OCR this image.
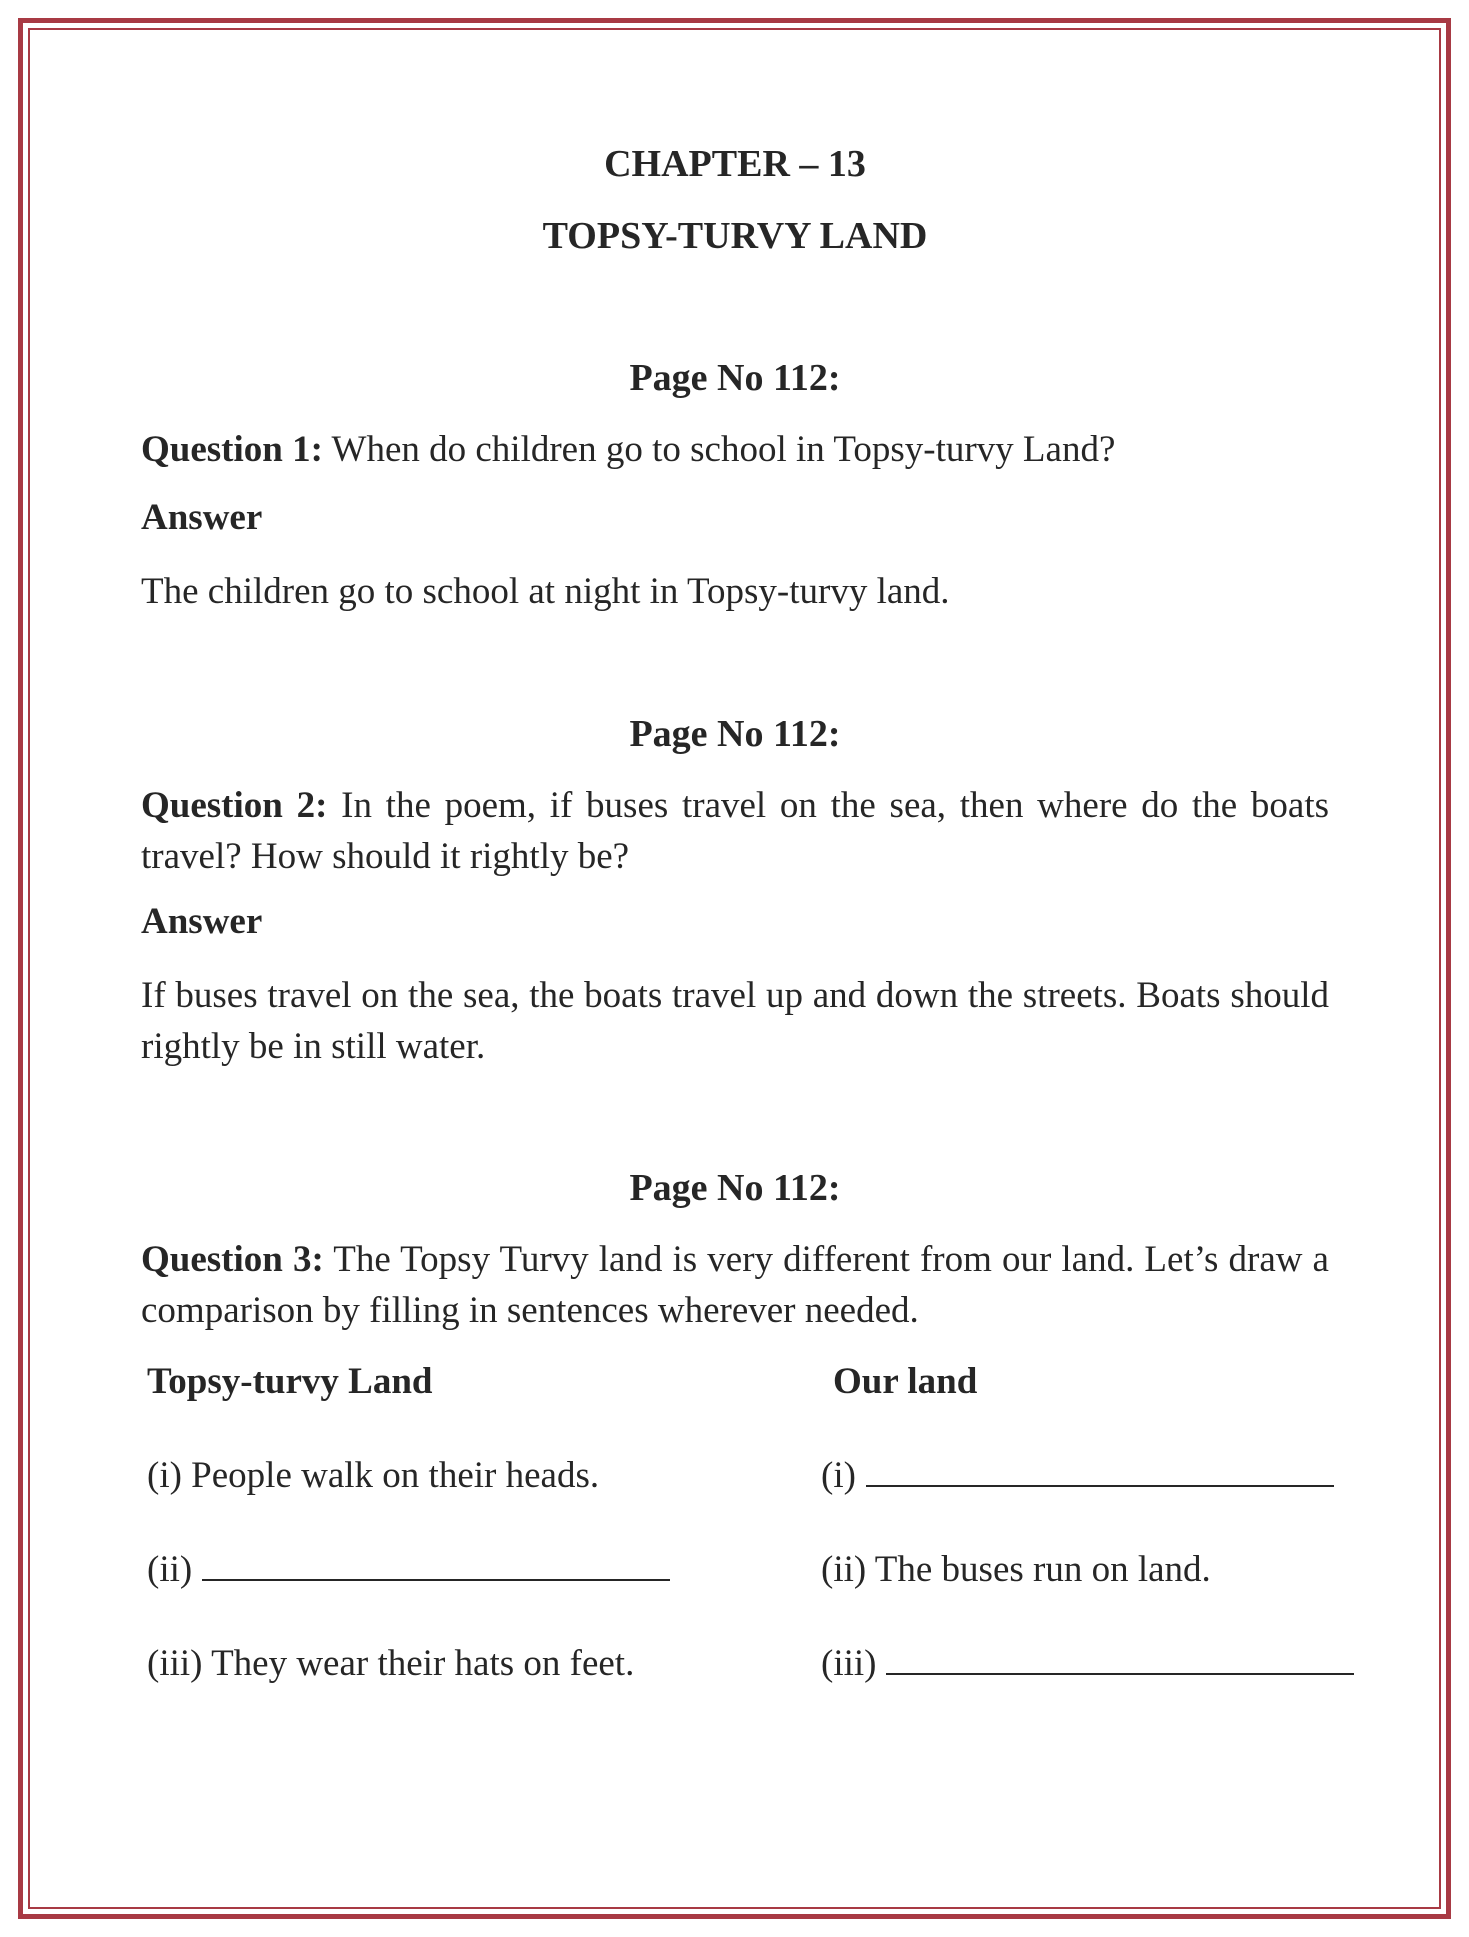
CHAPTER – 13
TOPSY-TURVY LAND
Page No 112:
Question 1: When do children go to school in Topsy-turvy Land?
Answer
The children go to school at night in Topsy-turvy land.
Page No 112:
Question 2: In the poem, if buses travel on the sea, then where do the boats travel? How should it rightly be?
Answer
If buses travel on the sea, the boats travel up and down the streets. Boats should rightly be in still water.
Page No 112:
Question 3: The Topsy Turvy land is very different from our land. Let’s draw a comparison by filling in sentences wherever needed.
Topsy-turvy Land	Our land
(i) People walk on their heads.	(i)
(ii)	(ii) The buses run on land.
(iii) They wear their hats on feet.	(iii)
